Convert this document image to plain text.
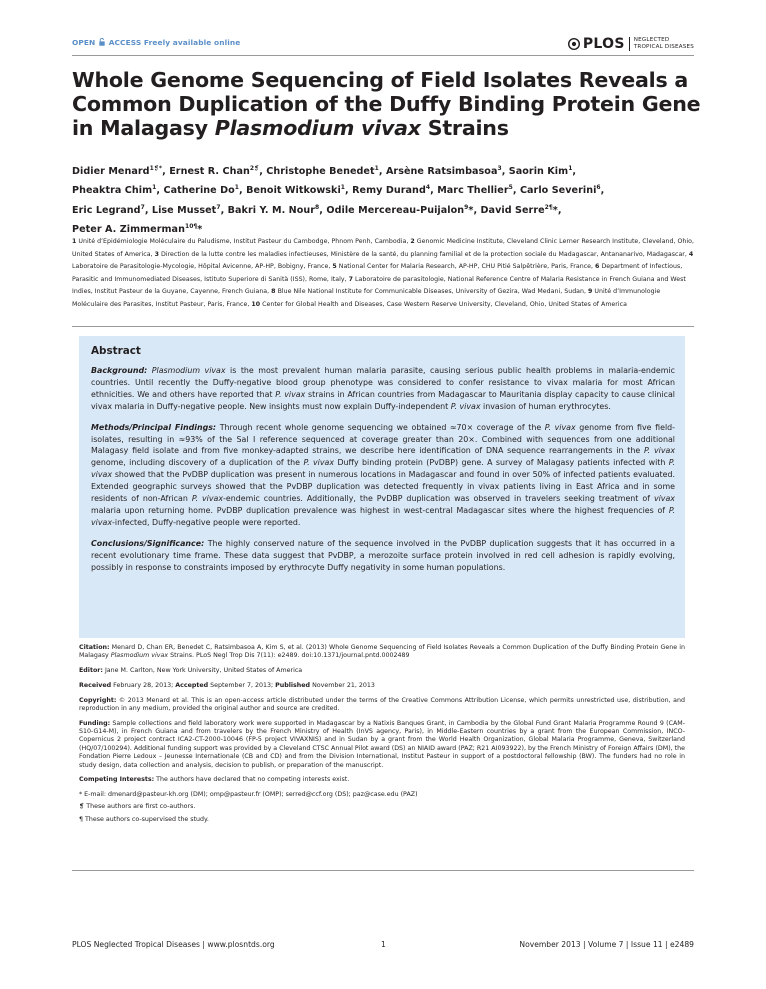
OPEN ACCESS Freely available online	PLOS NEGLECTED
TROPICAL DISEASES
Whole Genome Sequencing of Field Isolates Reveals a
Common Duplication of the Duffy Binding Protein Gene
in Malagasy Plasmodium vivax Strains
Didier Menard$^{1❡*}$, Ernest R. Chan$^{2❡}$, Christophe Benedet$^1$, Arsène Ratsimbasoa$^3$, Saorin Kim$^1$,
Pheaktra Chim$^1$, Catherine Do$^1$, Benoit Witkowski$^1$, Remy Durand$^4$, Marc Thellier$^5$, Carlo Severini$^6$,
Eric Legrand$^7$, Lise Musset$^7$, Bakri Y. M. Nour$^8$, Odile Mercereau-Puijalon$^9$*, David Serre$^{2\P}$*,
Peter A. Zimmerman$^{10\P}$*
1 Unité d’Epidémiologie Moléculaire du Paludisme, Institut Pasteur du Cambodge, Phnom Penh, Cambodia, 2 Genomic Medicine Institute, Cleveland Clinic Lerner Research Institute, Cleveland, Ohio, United States of America, 3 Direction de la lutte contre les maladies infectieuses, Ministère de la santé, du planning familial et de la protection sociale du Madagascar, Antananarivo, Madagascar, 4 Laboratoire de Parasitologie-Mycologie, Hôpital Avicenne, AP-HP, Bobigny, France, 5 National Center for Malaria Research, AP-HP, CHU Pitié Salpêtrière, Paris, France, 6 Department of Infectious, Parasitic and Immunomediated Diseases, Istituto Superiore di Sanità (ISS), Rome, Italy, 7 Laboratoire de parasitologie, National Reference Centre of Malaria Resistance in French Guiana and West Indies, Institut Pasteur de la Guyane, Cayenne, French Guiana, 8 Blue Nile National Institute for Communicable Diseases, University of Gezira, Wad Medani, Sudan, 9 Unité d’Immunologie Moléculaire des Parasites, Institut Pasteur, Paris, France, 10 Center for Global Health and Diseases, Case Western Reserve University, Cleveland, Ohio, United States of America
Abstract

Background: Plasmodium vivax is the most prevalent human malaria parasite, causing serious public health problems in malaria-endemic countries. Until recently the Duffy-negative blood group phenotype was considered to confer resistance to vivax malaria for most African ethnicities. We and others have reported that P. vivax strains in African countries from Madagascar to Mauritania display capacity to cause clinical vivax malaria in Duffy-negative people. New insights must now explain Duffy-independent P. vivax invasion of human erythrocytes.

Methods/Principal Findings: Through recent whole genome sequencing we obtained ≈70× coverage of the P. vivax genome from five field-isolates, resulting in ≈93% of the Sal I reference sequenced at coverage greater than 20×. Combined with sequences from one additional Malagasy field isolate and from five monkey-adapted strains, we describe here identification of DNA sequence rearrangements in the P. vivax genome, including discovery of a duplication of the P. vivax Duffy binding protein (PvDBP) gene. A survey of Malagasy patients infected with P. vivax showed that the PvDBP duplication was present in numerous locations in Madagascar and found in over 50% of infected patients evaluated. Extended geographic surveys showed that the PvDBP duplication was detected frequently in vivax patients living in East Africa and in some residents of non-African P. vivax-endemic countries. Additionally, the PvDBP duplication was observed in travelers seeking treatment of vivax malaria upon returning home. PvDBP duplication prevalence was highest in west-central Madagascar sites where the highest frequencies of P. vivax-infected, Duffy-negative people were reported.

Conclusions/Significance: The highly conserved nature of the sequence involved in the PvDBP duplication suggests that it has occurred in a recent evolutionary time frame. These data suggest that PvDBP, a merozoite surface protein involved in red cell adhesion is rapidly evolving, possibly in response to constraints imposed by erythrocyte Duffy negativity in some human populations.

Citation: Menard D, Chan ER, Benedet C, Ratsimbasoa A, Kim S, et al. (2013) Whole Genome Sequencing of Field Isolates Reveals a Common Duplication of the Duffy Binding Protein Gene in Malagasy Plasmodium vivax Strains. PLoS Negl Trop Dis 7(11): e2489. doi:10.1371/journal.pntd.0002489

Editor: Jane M. Carlton, New York University, United States of America

Received February 28, 2013; Accepted September 7, 2013; Published November 21, 2013

Copyright: © 2013 Menard et al. This is an open-access article distributed under the terms of the Creative Commons Attribution License, which permits unrestricted use, distribution, and reproduction in any medium, provided the original author and source are credited.

Funding: Sample collections and field laboratory work were supported in Madagascar by a Natixis Banques Grant, in Cambodia by the Global Fund Grant Malaria Programme Round 9 (CAM-S10-G14-M), in French Guiana and from travelers by the French Ministry of Health (InVS agency, Paris), in Middle-Eastern countries by a grant from the European Commission, INCO-Copernicus 2 project contract ICA2-CT-2000-10046 (FP-5 project VIVAXNIS) and in Sudan by a grant from the World Health Organization, Global Malaria Programme, Geneva, Switzerland (HQ/07/100294). Additional funding support was provided by a Cleveland CTSC Annual Pilot award (DS) an NIAID award (PAZ; R21 AI093922), by the French Ministry of Foreign Affairs (DM), the Fondation Pierre Ledoux – Jeunesse Internationale (CB and CD) and from the Division International, Institut Pasteur in support of a postdoctoral fellowship (BW). The funders had no role in study design, data collection and analysis, decision to publish, or preparation of the manuscript.

Competing Interests: The authors have declared that no competing interests exist.

* E-mail: dmenard@pasteur-kh.org (DM); omp@pasteur.fr (OMP); serred@ccf.org (DS); paz@case.edu (PAZ)

❡ These authors are first co-authors.

¶ These authors co-supervised the study.

PLOS Neglected Tropical Diseases | www.plosntds.org	1	November 2013 | Volume 7 | Issue 11 | e2489
